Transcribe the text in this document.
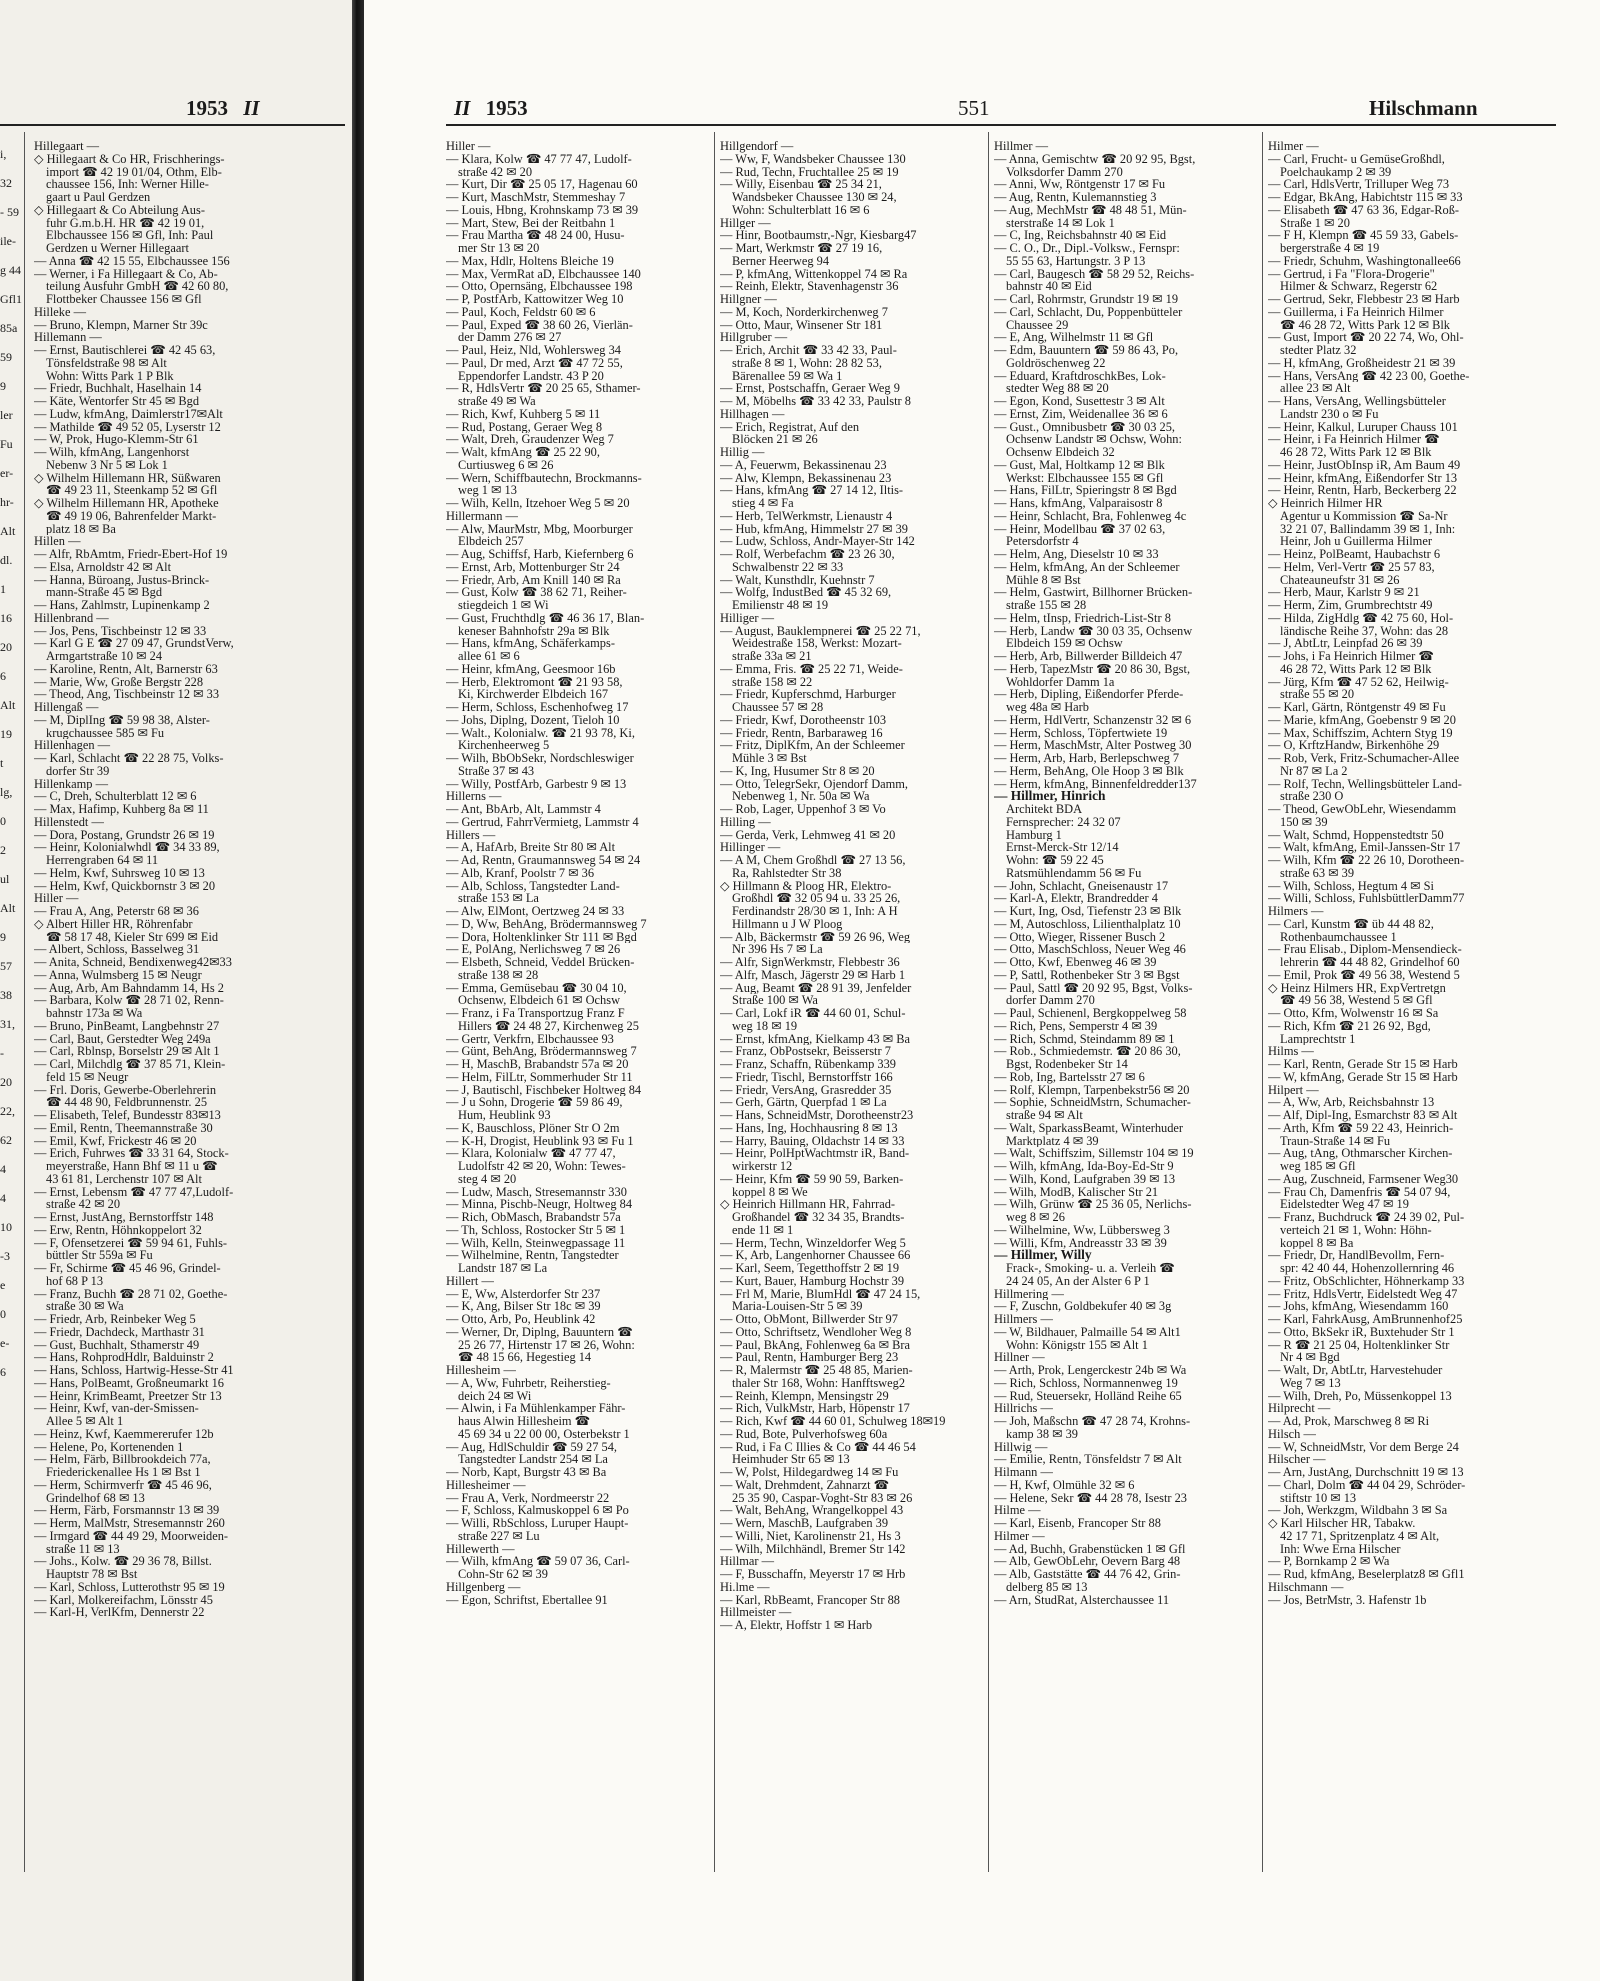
1953 II
Hillegaart —
◇ Hillegaart & Co HR, Frischherings-
import ☎ 42 19 01/04, Othm, Elb-
chaussee 156, Inh: Werner Hille-
gaart u Paul Gerdzen
◇ Hillegaart & Co Abteilung Aus-
fuhr G.m.b.H. HR ☎ 42 19 01,
Elbchaussee 156 ✉ Gfl, Inh: Paul
Gerdzen u Werner Hillegaart
— Anna ☎ 42 15 55, Elbchaussee 156
— Werner, i Fa Hillegaart & Co, Ab-
teilung Ausfuhr GmbH ☎ 42 60 80,
Flottbeker Chaussee 156 ✉ Gfl
Hilleke —
— Bruno, Klempn, Marner Str 39c
Hillemann —
— Ernst, Bautischlerei ☎ 42 45 63,
Tönsfeldstraße 98 ✉ Alt
Wohn: Witts Park 1 P Blk
— Friedr, Buchhalt, Haselhain 14
— Käte, Wentorfer Str 45 ✉ Bgd
— Ludw, kfmAng, Daimlerstr17✉Alt
— Mathilde ☎ 49 52 05, Lyserstr 12
— W, Prok, Hugo-Klemm-Str 61
— Wilh, kfmAng, Langenhorst
Nebenw 3 Nr 5 ✉ Lok 1
◇ Wilhelm Hillemann HR, Süßwaren
☎ 49 23 11, Steenkamp 52 ✉ Gfl
◇ Wilhelm Hillemann HR, Apotheke
☎ 49 19 06, Bahrenfelder Markt-
platz 18 ✉ Ba
Hillen —
— Alfr, RbAmtm, Friedr-Ebert-Hof 19
— Elsa, Arnoldstr 42 ✉ Alt
— Hanna, Büroang, Justus-Brinck-
mann-Straße 45 ✉ Bgd
— Hans, Zahlmstr, Lupinenkamp 2
Hillenbrand —
— Jos, Pens, Tischbeinstr 12 ✉ 33
— Karl G E ☎ 27 09 47, GrundstVerw,
Armgartstraße 10 ✉ 24
— Karoline, Rentn, Alt, Barnerstr 63
— Marie, Ww, Große Bergstr 228
— Theod, Ang, Tischbeinstr 12 ✉ 33
Hillengaß —
— M, DiplIng ☎ 59 98 38, Alster-
krugchaussee 585 ✉ Fu
Hillenhagen —
— Karl, Schlacht ☎ 22 28 75, Volks-
dorfer Str 39
Hillenkamp —
— C, Dreh, Schulterblatt 12 ✉ 6
— Max, Hafimp, Kuhberg 8a ✉ 11
Hillenstedt —
— Dora, Postang, Grundstr 26 ✉ 19
— Heinr, Kolonialwhdl ☎ 34 33 89,
Herrengraben 64 ✉ 11
— Helm, Kwf, Suhrsweg 10 ✉ 13
— Helm, Kwf, Quickbornstr 3 ✉ 20
Hiller —
— Frau A, Ang, Peterstr 68 ✉ 36
◇ Albert Hiller HR, Röhrenfabr
☎ 58 17 48, Kieler Str 699 ✉ Eid
— Albert, Schloss, Basselweg 31
— Anita, Schneid, Bendixenweg42✉33
— Anna, Wulmsberg 15 ✉ Neugr
— Aug, Arb, Am Bahndamm 14, Hs 2
— Barbara, Kolw ☎ 28 71 02, Renn-
bahnstr 173a ✉ Wa
— Bruno, PinBeamt, Langbehnstr 27
— Carl, Baut, Gerstedter Weg 249a
— Carl, Rblnsp, Borselstr 29 ✉ Alt 1
— Carl, Milchdlg ☎ 37 85 71, Klein-
feld 15 ✉ Neugr
— Frl. Doris, Gewerbe-Oberlehrerin
☎ 44 48 90, Feldbrunnenstr. 25
— Elisabeth, Telef, Bundesstr 83✉13
— Emil, Rentn, Theemannstraße 30
— Emil, Kwf, Frickestr 46 ✉ 20
— Erich, Fuhrwes ☎ 33 31 64, Stock-
meyerstraße, Hann Bhf ✉ 11 u ☎
43 61 81, Lerchenstr 107 ✉ Alt
— Ernst, Lebensm ☎ 47 77 47,Ludolf-
straße 42 ✉ 20
— Ernst, JustAng, Bernstorffstr 148
— Erw, Rentn, Höhnkoppelort 32
— F, Ofensetzerei ☎ 59 94 61, Fuhls-
büttler Str 559a ✉ Fu
— Fr, Schirme ☎ 45 46 96, Grindel-
hof 68 P 13
— Franz, Buchh ☎ 28 71 02, Goethe-
straße 30 ✉ Wa
— Friedr, Arb, Reinbeker Weg 5
— Friedr, Dachdeck, Marthastr 31
— Gust, Buchhalt, Sthamerstr 49
— Hans, RohprodHdlr, Balduinstr 2
— Hans, Schloss, Hartwig-Hesse-Str 41
— Hans, PolBeamt, Großneumarkt 16
— Heinr, KrimBeamt, Preetzer Str 13
— Heinr, Kwf, van-der-Smissen-
Allee 5 ✉ Alt 1
— Heinz, Kwf, Kaemmererufer 12b
— Helene, Po, Kortenenden 1
— Helm, Färb, Billbrookdeich 77a,
Friederickenallee Hs 1 ✉ Bst 1
— Herm, Schirmverfr ☎ 45 46 96,
Grindelhof 68 ✉ 13
— Herm, Färb, Forsmannstr 13 ✉ 39
— Herm, MalMstr, Stresemannstr 260
— Irmgard ☎ 44 49 29, Moorweiden-
straße 11 ✉ 13
— Johs., Kolw. ☎ 29 36 78, Billst.
Hauptstr 78 ✉ Bst
— Karl, Schloss, Lutterothstr 95 ✉ 19
— Karl, Molkereifachm, Lönsstr 45
— Karl-H, VerlKfm, Dennerstr 22
i,
32
- 59
ile-
g 44
Gfl1
85a
59
9
ler
Fu
er-
hr-
Alt
dl.
1
16
20
6
Alt
19
t
lg,
0
2
ul
Alt
9
57
38
31,
-
20
22,
62
4
4
10
-3
e
0
e-
6
II 1953	551	Hilschmann
Hiller —
— Klara, Kolw ☎ 47 77 47, Ludolf-
straße 42 ✉ 20
— Kurt, Dir ☎ 25 05 17, Hagenau 60
— Kurt, MaschMstr, Stemmeshay 7
— Louis, Hbng, Krohnskamp 73 ✉ 39
— Mart, Stew, Bei der Reitbahn 1
— Frau Martha ☎ 48 24 00, Husu-
mer Str 13 ✉ 20
— Max, Hdlr, Holtens Bleiche 19
— Max, VermRat aD, Elbchaussee 140
— Otto, Opernsäng, Elbchaussee 198
— P, PostfArb, Kattowitzer Weg 10
— Paul, Koch, Feldstr 60 ✉ 6
— Paul, Exped ☎ 38 60 26, Vierlän-
der Damm 276 ✉ 27
— Paul, Heiz, Nld, Wohlersweg 34
— Paul, Dr med, Arzt ☎ 47 72 55,
Eppendorfer Landstr. 43 P 20
— R, HdlsVertr ☎ 20 25 65, Sthamer-
straße 49 ✉ Wa
— Rich, Kwf, Kuhberg 5 ✉ 11
— Rud, Postang, Geraer Weg 8
— Walt, Dreh, Graudenzer Weg 7
— Walt, kfmAng ☎ 25 22 90,
Curtiusweg 6 ✉ 26
— Wern, Schiffbautechn, Brockmanns-
weg 1 ✉ 13
— Wilh, Kelln, Itzehoer Weg 5 ✉ 20
Hillermann —
— Alw, MaurMstr, Mbg, Moorburger
Elbdeich 257
— Aug, Schiffsf, Harb, Kiefernberg 6
— Ernst, Arb, Mottenburger Str 24
— Friedr, Arb, Am Knill 140 ✉ Ra
— Gust, Kolw ☎ 38 62 71, Reiher-
stiegdeich 1 ✉ Wi
— Gust, Fruchthdlg ☎ 46 36 17, Blan-
keneser Bahnhofstr 29a ✉ Blk
— Hans, kfmAng, Schäferkamps-
allee 61 ✉ 6
— Heinr, kfmAng, Geesmoor 16b
— Herb, Elektromont ☎ 21 93 58,
Ki, Kirchwerder Elbdeich 167
— Herm, Schloss, Eschenhofweg 17
— Johs, Diplng, Dozent, Tieloh 10
— Walt., Kolonialw. ☎ 21 93 78, Ki,
Kirchenheerweg 5
— Wilh, BbObSekr, Nordschleswiger
Straße 37 ✉ 43
— Willy, PostfArb, Garbestr 9 ✉ 13
Hillerns —
— Ant, BbArb, Alt, Lammstr 4
— Gertrud, FahrrVermietg, Lammstr 4
Hillers —
— A, HafArb, Breite Str 80 ✉ Alt
— Ad, Rentn, Graumannsweg 54 ✉ 24
— Alb, Kranf, Poolstr 7 ✉ 36
— Alb, Schloss, Tangstedter Land-
straße 153 ✉ La
— Alw, ElMont, Oertzweg 24 ✉ 33
— D, Ww, BehAng, Brödermannsweg 7
— Dora, Holtenklinker Str 111 ✉ Bgd
— E, PolAng, Nerlichsweg 7 ✉ 26
— Elsbeth, Schneid, Veddel Brücken-
straße 138 ✉ 28
— Emma, Gemüsebau ☎ 30 04 10,
Ochsenw, Elbdeich 61 ✉ Ochsw
— Franz, i Fa Transportzug Franz F
Hillers ☎ 24 48 27, Kirchenweg 25
— Gertr, Verkfrn, Elbchaussee 93
— Günt, BehAng, Brödermannsweg 7
— H, MaschB, Brabandstr 57a ✉ 20
— Helm, FilLtr, Sommerhuder Str 11
— J, Bautischl, Fischbeker Holtweg 84
— J u Sohn, Drogerie ☎ 59 86 49,
Hum, Heublink 93
— K, Bauschloss, Plöner Str O 2m
— K-H, Drogist, Heublink 93 ✉ Fu 1
— Klara, Kolonialw ☎ 47 77 47,
Ludolfstr 42 ✉ 20, Wohn: Tewes-
steg 4 ✉ 20
— Ludw, Masch, Stresemannstr 330
— Minna, Pischb-Neugr, Holtweg 84
— Rich, ObMasch, Brabandstr 57a
— Th, Schloss, Rostocker Str 5 ✉ 1
— Wilh, Kelln, Steinwegpassage 11
— Wilhelmine, Rentn, Tangstedter
Landstr 187 ✉ La
Hillert —
— E, Ww, Alsterdorfer Str 237
— K, Ang, Bilser Str 18c ✉ 39
— Otto, Arb, Po, Heublink 42
— Werner, Dr, Diplng, Bauuntern ☎
25 26 77, Hirtenstr 17 ✉ 26, Wohn:
☎ 48 15 66, Hegestieg 14
Hillesheim —
— A, Ww, Fuhrbetr, Reiherstieg-
deich 24 ✉ Wi
— Alwin, i Fa Mühlenkamper Fähr-
haus Alwin Hillesheim ☎
45 69 34 u 22 00 00, Osterbekstr 1
— Aug, HdlSchuldir ☎ 59 27 54,
Tangstedter Landstr 254 ✉ La
— Norb, Kapt, Burgstr 43 ✉ Ba
Hillesheimer —
— Frau A, Verk, Nordmeerstr 22
— F, Schloss, Kalmuskoppel 6 ✉ Po
— Willi, RbSchloss, Luruper Haupt-
straße 227 ✉ Lu
Hillewerth —
— Wilh, kfmAng ☎ 59 07 36, Carl-
Cohn-Str 62 ✉ 39
Hillgenberg —
— Egon, Schriftst, Ebertallee 91
Hillgendorf —
— Ww, F, Wandsbeker Chaussee 130
— Rud, Techn, Fruchtallee 25 ✉ 19
— Willy, Eisenbau ☎ 25 34 21,
Wandsbeker Chaussee 130 ✉ 24,
Wohn: Schulterblatt 16 ✉ 6
Hillger —
— Hinr, Bootbaumstr,-Ngr, Kiesbarg47
— Mart, Werkmstr ☎ 27 19 16,
Berner Heerweg 94
— P, kfmAng, Wittenkoppel 74 ✉ Ra
— Reinh, Elektr, Stavenhagenstr 36
Hillgner —
— M, Koch, Norderkirchenweg 7
— Otto, Maur, Winsener Str 181
Hillgruber —
— Erich, Archit ☎ 33 42 33, Paul-
straße 8 ✉ 1, Wohn: 28 82 53,
Bärenallee 59 ✉ Wa 1
— Ernst, Postschaffn, Geraer Weg 9
— M, Möbelhs ☎ 33 42 33, Paulstr 8
Hillhagen —
— Erich, Registrat, Auf den
Blöcken 21 ✉ 26
Hillig —
— A, Feuerwm, Bekassinenau 23
— Alw, Klempn, Bekassinenau 23
— Hans, kfmAng ☎ 27 14 12, Iltis-
stieg 4 ✉ Fa
— Herb, TelWerkmstr, Lienaustr 4
— Hub, kfmAng, Himmelstr 27 ✉ 39
— Ludw, Schloss, Andr-Mayer-Str 142
— Rolf, Werbefachm ☎ 23 26 30,
Schwalbenstr 22 ✉ 33
— Walt, Kunsthdlr, Kuehnstr 7
— Wolfg, IndustBed ☎ 45 32 69,
Emilienstr 48 ✉ 19
Hilliger —
— August, Bauklempnerei ☎ 25 22 71,
Weidestraße 158, Werkst: Mozart-
straße 33a ✉ 21
— Emma, Fris. ☎ 25 22 71, Weide-
straße 158 ✉ 22
— Friedr, Kupferschmd, Harburger
Chaussee 57 ✉ 28
— Friedr, Kwf, Dorotheenstr 103
— Friedr, Rentn, Barbaraweg 16
— Fritz, DiplKfm, An der Schleemer
Mühle 3 ✉ Bst
— K, Ing, Husumer Str 8 ✉ 20
— Otto, TelegrSekr, Ojendorf Damm,
Nebenweg 1, Nr. 50a ✉ Wa
— Rob, Lager, Uppenhof 3 ✉ Vo
Hilling —
— Gerda, Verk, Lehmweg 41 ✉ 20
Hillinger —
— A M, Chem Großhdl ☎ 27 13 56,
Ra, Rahlstedter Str 38
◇ Hillmann & Ploog HR, Elektro-
Großhdl ☎ 32 05 94 u. 33 25 26,
Ferdinandstr 28/30 ✉ 1, Inh: A H
Hillmann u J W Ploog
— Alb, Bäckermstr ☎ 59 26 96, Weg
Nr 396 Hs 7 ✉ La
— Alfr, SignWerkmstr, Flebbestr 36
— Alfr, Masch, Jägerstr 29 ✉ Harb 1
— Aug, Beamt ☎ 28 91 39, Jenfelder
Straße 100 ✉ Wa
— Carl, Lokf iR ☎ 44 60 01, Schul-
weg 18 ✉ 19
— Ernst, kfmAng, Kielkamp 43 ✉ Ba
— Franz, ObPostsekr, Beisserstr 7
— Franz, Schaffn, Rübenkamp 339
— Friedr, Tischl, Bernstorffstr 166
— Friedr, VersAng, Grasredder 35
— Gerh, Gärtn, Querpfad 1 ✉ La
— Hans, SchneidMstr, Dorotheenstr23
— Hans, Ing, Hochhausring 8 ✉ 13
— Harry, Bauing, Oldachstr 14 ✉ 33
— Heinr, PolHptWachtmstr iR, Band-
wirkerstr 12
— Heinr, Kfm ☎ 59 90 59, Barken-
koppel 8 ✉ We
◇ Heinrich Hillmann HR, Fahrrad-
Großhandel ☎ 32 34 35, Brandts-
ende 11 ✉ 1
— Herm, Techn, Winzeldorfer Weg 5
— K, Arb, Langenhorner Chaussee 66
— Karl, Seem, Tegetthoffstr 2 ✉ 19
— Kurt, Bauer, Hamburg Hochstr 39
— Frl M, Marie, BlumHdl ☎ 47 24 15,
Maria-Louisen-Str 5 ✉ 39
— Otto, ObMont, Billwerder Str 97
— Otto, Schriftsetz, Wendloher Weg 8
— Paul, BkAng, Fohlenweg 6a ✉ Bra
— Paul, Rentn, Hamburger Berg 23
— R, Malermstr ☎ 25 48 85, Marien-
thaler Str 168, Wohn: Hanfftsweg2
— Reinh, Klempn, Mensingstr 29
— Rich, VulkMstr, Harb, Höpenstr 17
— Rich, Kwf ☎ 44 60 01, Schulweg 18✉19
— Rud, Bote, Pulverhofsweg 60a
— Rud, i Fa C Illies & Co ☎ 44 46 54
Heimhuder Str 65 ✉ 13
— W, Polst, Hildegardweg 14 ✉ Fu
— Walt, Drehmdent, Zahnarzt ☎
25 35 90, Caspar-Voght-Str 83 ✉ 26
— Walt, BehAng, Wrangelkoppel 43
— Wern, MaschB, Laufgraben 39
— Willi, Niet, Karolinenstr 21, Hs 3
— Wilh, Milchhändl, Bremer Str 142
Hillmar —
— F, Busschaffn, Meyerstr 17 ✉ Hrb
Hi.lme —
— Karl, RbBeamt, Francoper Str 88
Hillmeister —
— A, Elektr, Hoffstr 1 ✉ Harb
Hillmer —
— Anna, Gemischtw ☎ 20 92 95, Bgst,
Volksdorfer Damm 270
— Anni, Ww, Röntgenstr 17 ✉ Fu
— Aug, Rentn, Kulemannstieg 3
— Aug, MechMstr ☎ 48 48 51, Mün-
sterstraße 14 ✉ Lok 1
— C, Ing, Reichsbahnstr 40 ✉ Eid
— C. O., Dr., Dipl.-Volksw., Fernspr:
55 55 63, Hartungstr. 3 P 13
— Carl, Baugesch ☎ 58 29 52, Reichs-
bahnstr 40 ✉ Eid
— Carl, Rohrmstr, Grundstr 19 ✉ 19
— Carl, Schlacht, Du, Poppenbütteler
Chaussee 29
— E, Ang, Wilhelmstr 11 ✉ Gfl
— Edm, Bauuntern ☎ 59 86 43, Po,
Goldröschenweg 22
— Eduard, KraftdroschkBes, Lok-
stedter Weg 88 ✉ 20
— Egon, Kond, Susettestr 3 ✉ Alt
— Ernst, Zim, Weidenallee 36 ✉ 6
— Gust., Omnibusbetr ☎ 30 03 25,
Ochsenw Landstr ✉ Ochsw, Wohn:
Ochsenw Elbdeich 32
— Gust, Mal, Holtkamp 12 ✉ Blk
Werkst: Elbchaussee 155 ✉ Gfl
— Hans, FilLtr, Spieringstr 8 ✉ Bgd
— Hans, kfmAng, Valparaisostr 8
— Heinr, Schlacht, Bra, Fohlenweg 4c
— Heinr, Modellbau ☎ 37 02 63,
Petersdorfstr 4
— Helm, Ang, Dieselstr 10 ✉ 33
— Helm, kfmAng, An der Schleemer
Mühle 8 ✉ Bst
— Helm, Gastwirt, Billhorner Brücken-
straße 155 ✉ 28
— Helm, tInsp, Friedrich-List-Str 8
— Herb, Landw ☎ 30 03 35, Ochsenw
Elbdeich 159 ✉ Ochsw
— Herb, Arb, Billwerder Billdeich 47
— Herb, TapezMstr ☎ 20 86 30, Bgst,
Wohldorfer Damm 1a
— Herb, Dipling, Eißendorfer Pferde-
weg 48a ✉ Harb
— Herm, HdlVertr, Schanzenstr 32 ✉ 6
— Herm, Schloss, Töpfertwiete 19
— Herm, MaschMstr, Alter Postweg 30
— Herm, Arb, Harb, Berlepschweg 7
— Herm, BehAng, Ole Hoop 3 ✉ Blk
— Herm, kfmAng, Binnenfeldredder137
— Hillmer, Hinrich
Architekt BDA
Fernsprecher: 24 32 07
Hamburg 1
Ernst-Merck-Str 12/14
Wohn: ☎ 59 22 45
Ratsmühlendamm 56 ✉ Fu
— John, Schlacht, Gneisenaustr 17
— Karl-A, Elektr, Brandredder 4
— Kurt, Ing, Osd, Tiefenstr 23 ✉ Blk
— M, Autoschloss, Lilienthalplatz 10
— Otto, Wieger, Rissener Busch 2
— Otto, MaschSchloss, Neuer Weg 46
— Otto, Kwf, Ebenweg 46 ✉ 39
— P, Sattl, Rothenbeker Str 3 ✉ Bgst
— Paul, Sattl ☎ 20 92 95, Bgst, Volks-
dorfer Damm 270
— Paul, Schienenl, Bergkoppelweg 58
— Rich, Pens, Semperstr 4 ✉ 39
— Rich, Schmd, Steindamm 89 ✉ 1
— Rob., Schmiedemstr. ☎ 20 86 30,
Bgst, Rodenbeker Str 14
— Rob, Ing, Bartelsstr 27 ✉ 6
— Rolf, Klempn, Tarpenbekstr56 ✉ 20
— Sophie, SchneidMstrn, Schumacher-
straße 94 ✉ Alt
— Walt, SparkassBeamt, Winterhuder
Marktplatz 4 ✉ 39
— Walt, Schiffszim, Sillemstr 104 ✉ 19
— Wilh, kfmAng, Ida-Boy-Ed-Str 9
— Wilh, Kond, Laufgraben 39 ✉ 13
— Wilh, ModB, Kalischer Str 21
— Wilh, Grünw ☎ 25 36 05, Nerlichs-
weg 8 ✉ 26
— Wilhelmine, Ww, Lübbersweg 3
— Willi, Kfm, Andreasstr 33 ✉ 39
— Hillmer, Willy
Frack-, Smoking- u. a. Verleih ☎
24 24 05, An der Alster 6 P 1
Hillmering —
— F, Zuschn, Goldbekufer 40 ✉ 3g
Hillmers —
— W, Bildhauer, Palmaille 54 ✉ Alt1
Wohn: Königstr 155 ✉ Alt 1
Hillner —
— Arth, Prok, Lengerckestr 24b ✉ Wa
— Rich, Schloss, Normannenweg 19
— Rud, Steuersekr, Holländ Reihe 65
Hillrichs —
— Joh, Maßschn ☎ 47 28 74, Krohns-
kamp 38 ✉ 39
Hillwig —
— Emilie, Rentn, Tönsfeldstr 7 ✉ Alt
Hilmann —
— H, Kwf, Olmühle 32 ✉ 6
— Helene, Sekr ☎ 44 28 78, Isestr 23
Hilme —
— Karl, Eisenb, Francoper Str 88
Hilmer —
— Ad, Buchh, Grabenstücken 1 ✉ Gfl
— Alb, GewObLehr, Oevern Barg 48
— Alb, Gaststätte ☎ 44 76 42, Grin-
delberg 85 ✉ 13
— Arn, StudRat, Alsterchaussee 11
Hilmer —
— Carl, Frucht- u GemüseGroßhdl,
Poelchaukamp 2 ✉ 39
— Carl, HdlsVertr, Trilluper Weg 73
— Edgar, BkAng, Habichtstr 115 ✉ 33
— Elisabeth ☎ 47 63 36, Edgar-Roß-
Straße 1 ✉ 20
— F H, Klempn ☎ 45 59 33, Gabels-
bergerstraße 4 ✉ 19
— Friedr, Schuhm, Washingtonallee66
— Gertrud, i Fa "Flora-Drogerie"
Hilmer & Schwarz, Regerstr 62
— Gertrud, Sekr, Flebbestr 23 ✉ Harb
— Guillerma, i Fa Heinrich Hilmer
☎ 46 28 72, Witts Park 12 ✉ Blk
— Gust, Import ☎ 20 22 74, Wo, Ohl-
stedter Platz 32
— H, kfmAng, Großheidestr 21 ✉ 39
— Hans, VersAng ☎ 42 23 00, Goethe-
allee 23 ✉ Alt
— Hans, VersAng, Wellingsbütteler
Landstr 230 o ✉ Fu
— Heinr, Kalkul, Luruper Chauss 101
— Heinr, i Fa Heinrich Hilmer ☎
46 28 72, Witts Park 12 ✉ Blk
— Heinr, JustObInsp iR, Am Baum 49
— Heinr, kfmAng, Eißendorfer Str 13
— Heinr, Rentn, Harb, Beckerberg 22
◇ Heinrich Hilmer HR
Agentur u Kommission ☎ Sa-Nr
32 21 07, Ballindamm 39 ✉ 1, Inh:
Heinr, Joh u Guillerma Hilmer
— Heinz, PolBeamt, Haubachstr 6
— Helm, Verl-Vertr ☎ 25 57 83,
Chateauneufstr 31 ✉ 26
— Herb, Maur, Karlstr 9 ✉ 21
— Herm, Zim, Grumbrechtstr 49
— Hilda, ZigHdlg ☎ 42 75 60, Hol-
ländische Reihe 37, Wohn: das 28
— J, AbtLtr, Leinpfad 26 ✉ 39
— Johs, i Fa Heinrich Hilmer ☎
46 28 72, Witts Park 12 ✉ Blk
— Jürg, Kfm ☎ 47 52 62, Heilwig-
straße 55 ✉ 20
— Karl, Gärtn, Röntgenstr 49 ✉ Fu
— Marie, kfmAng, Goebenstr 9 ✉ 20
— Max, Schiffszim, Achtern Styg 19
— O, KrftzHandw, Birkenhöhe 29
— Rob, Verk, Fritz-Schumacher-Allee
Nr 87 ✉ La 2
— Rolf, Techn, Wellingsbütteler Land-
straße 230 O
— Theod, GewObLehr, Wiesendamm
150 ✉ 39
— Walt, Schmd, Hoppenstedtstr 50
— Walt, kfmAng, Emil-Janssen-Str 17
— Wilh, Kfm ☎ 22 26 10, Dorotheen-
straße 63 ✉ 39
— Wilh, Schloss, Hegtum 4 ✉ Si
— Willi, Schloss, FuhlsbüttlerDamm77
Hilmers —
— Carl, Kunstm ☎ üb 44 48 82,
Rothenbaumchaussee 1
— Frau Elisab., Diplom-Mensendieck-
lehrerin ☎ 44 48 82, Grindelhof 60
— Emil, Prok ☎ 49 56 38, Westend 5
◇ Heinz Hilmers HR, ExpVertretgn
☎ 49 56 38, Westend 5 ✉ Gfl
— Otto, Kfm, Wolwenstr 16 ✉ Sa
— Rich, Kfm ☎ 21 26 92, Bgd,
Lamprechtstr 1
Hilms —
— Karl, Rentn, Gerade Str 15 ✉ Harb
— W, kfmAng, Gerade Str 15 ✉ Harb
Hilpert —
— A, Ww, Arb, Reichsbahnstr 13
— Alf, Dipl-Ing, Esmarchstr 83 ✉ Alt
— Arth, Kfm ☎ 59 22 43, Heinrich-
Traun-Straße 14 ✉ Fu
— Aug, tAng, Othmarscher Kirchen-
weg 185 ✉ Gfl
— Aug, Zuschneid, Farmsener Weg30
— Frau Ch, Damenfris ☎ 54 07 94,
Eidelstedter Weg 47 ✉ 19
— Franz, Buchdruck ☎ 24 39 02, Pul-
verteich 21 ✉ 1, Wohn: Höhn-
koppel 8 ✉ Ba
— Friedr, Dr, HandlBevollm, Fern-
spr: 42 40 44, Hohenzollernring 46
— Fritz, ObSchlichter, Höhnerkamp 33
— Fritz, HdlsVertr, Eidelstedt Weg 47
— Johs, kfmAng, Wiesendamm 160
— Karl, FahrkAusg, AmBrunnenhof25
— Otto, BkSekr iR, Buxtehuder Str 1
— R ☎ 21 25 04, Holtenklinker Str
Nr 4 ✉ Bgd
— Walt, Dr, AbtLtr, Harvestehuder
Weg 7 ✉ 13
— Wilh, Dreh, Po, Müssenkoppel 13
Hilprecht —
— Ad, Prok, Marschweg 8 ✉ Ri
Hilsch —
— W, SchneidMstr, Vor dem Berge 24
Hilscher —
— Arn, JustAng, Durchschnitt 19 ✉ 13
— Charl, Dolm ☎ 44 04 29, Schröder-
stiftstr 10 ✉ 13
— Joh, Werkzgm, Wildbahn 3 ✉ Sa
◇ Karl Hilscher HR, Tabakw.
42 17 71, Spritzenplatz 4 ✉ Alt,
Inh: Wwe Erna Hilscher
— P, Bornkamp 2 ✉ Wa
— Rud, kfmAng, Beselerplatz8 ✉ Gfl1
Hilschmann —
— Jos, BetrMstr, 3. Hafenstr 1b
